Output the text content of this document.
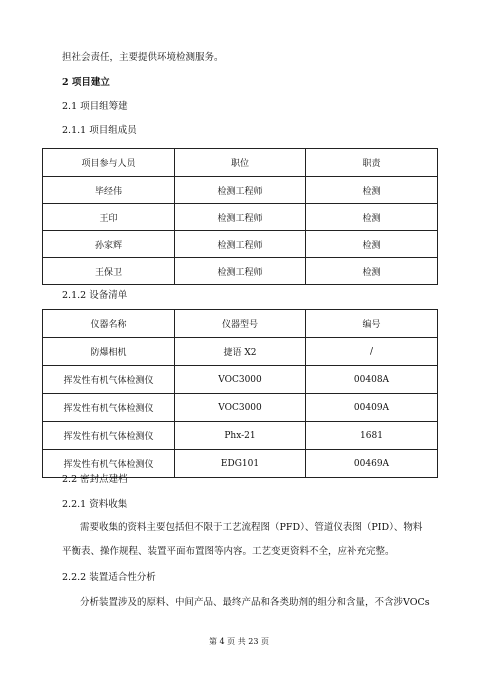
担社会责任，主要提供环境检测服务。
2 项目建立
2.1 项目组筹建
2.1.1 项目组成员
项目参与人员	职位	职责
毕经伟	检测工程师	检测
王印	检测工程师	检测
孙家辉	检测工程师	检测
王保卫	检测工程师	检测
2.1.2 设备清单
仪器名称	仪器型号	编号
防爆相机	捷语 X2	/
挥发性有机气体检测仪	VOC3000	00408A
挥发性有机气体检测仪	VOC3000	00409A
挥发性有机气体检测仪	Phx-21	1681
挥发性有机气体检测仪	EDG101	00469A
2.2 密封点建档
2.2.1 资料收集
需要收集的资料主要包括但不限于工艺流程图（PFD）、管道仪表图（PID）、物料
平衡表、操作规程、装置平面布置图等内容。工艺变更资料不全，应补充完整。
2.2.2 装置适合性分析
分析装置涉及的原料、中间产品、最终产品和各类助剂的组分和含量，不含涉VOCs
第 4 页 共 23 页
